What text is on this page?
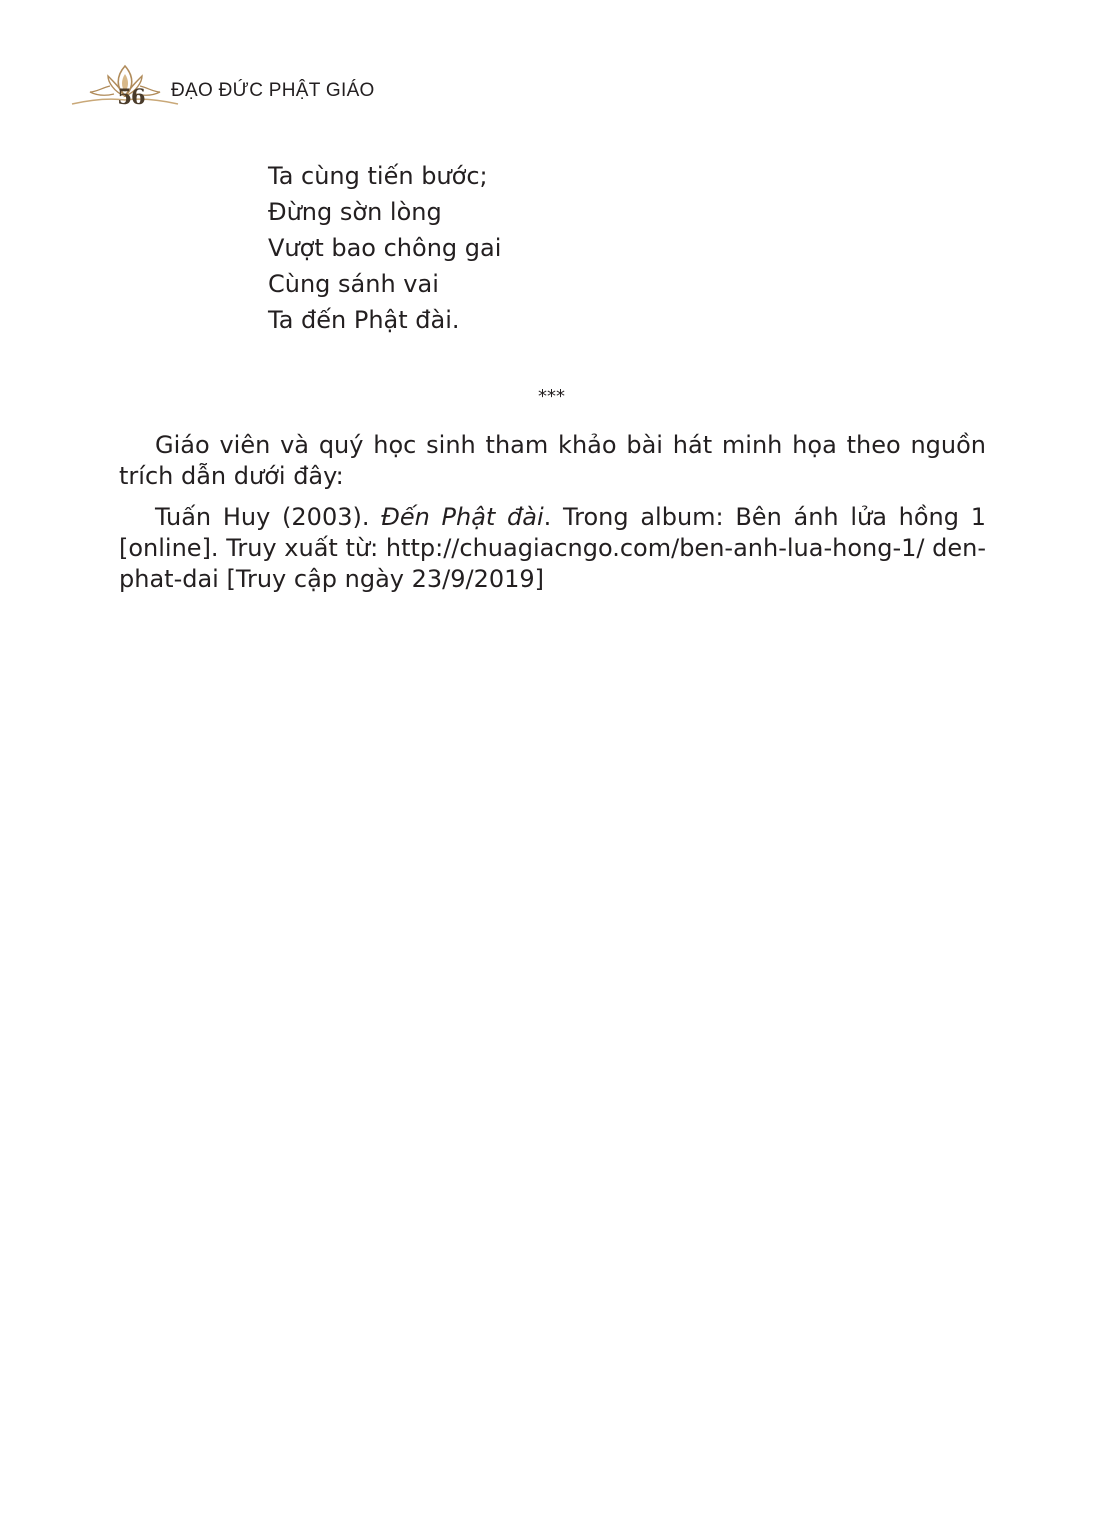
56	ĐẠO ĐỨC PHẬT GIÁO
Ta cùng tiến bước;
Đừng sờn lòng
Vượt bao chông gai
Cùng sánh vai
Ta đến Phật đài.
***

Giáo viên và quý học sinh tham khảo bài hát minh họa theo nguồn trích dẫn dưới đây:

Tuấn Huy (2003). Đến Phật đài. Trong album: Bên ánh lửa hồng 1 [online]. Truy xuất từ: http://chuagiacngo.com/ben-anh-lua-hong-1/ den-phat-dai [Truy cập ngày 23/9/2019]
